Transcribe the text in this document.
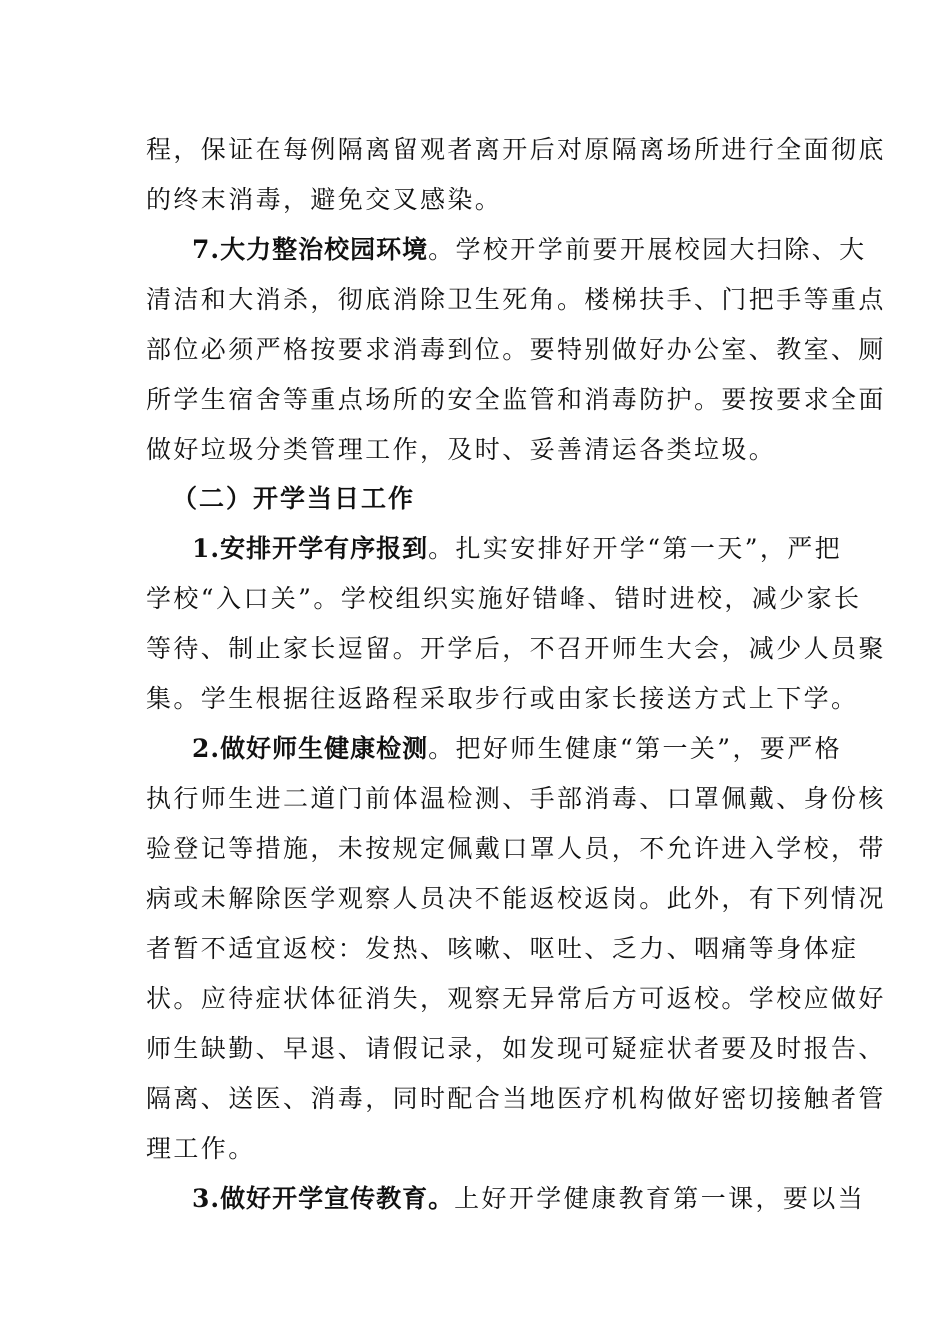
程，保证在每例隔离留观者离开后对原隔离场所进行全面彻底
的终末消毒，避免交叉感染。
7.大力整治校园环境。学校开学前要开展校园大扫除、大
清洁和大消杀，彻底消除卫生死角。楼梯扶手、门把手等重点
部位必须严格按要求消毒到位。要特别做好办公室、教室、厕
所学生宿舍等重点场所的安全监管和消毒防护。要按要求全面
做好垃圾分类管理工作，及时、妥善清运各类垃圾。
（二）开学当日工作
1.安排开学有序报到。扎实安排好开学“第一天”，严把
学校“入口关”。学校组织实施好错峰、错时进校，减少家长
等待、制止家长逗留。开学后，不召开师生大会，减少人员聚
集。学生根据往返路程采取步行或由家长接送方式上下学。
2.做好师生健康检测。把好师生健康“第一关”，要严格
执行师生进二道门前体温检测、手部消毒、口罩佩戴、身份核
验登记等措施，未按规定佩戴口罩人员，不允许进入学校，带
病或未解除医学观察人员决不能返校返岗。此外，有下列情况
者暂不适宜返校：发热、咳嗽、呕吐、乏力、咽痛等身体症
状。应待症状体征消失，观察无异常后方可返校。学校应做好
师生缺勤、早退、请假记录，如发现可疑症状者要及时报告、
隔离、送医、消毒，同时配合当地医疗机构做好密切接触者管
理工作。
3.做好开学宣传教育。上好开学健康教育第一课，要以当
